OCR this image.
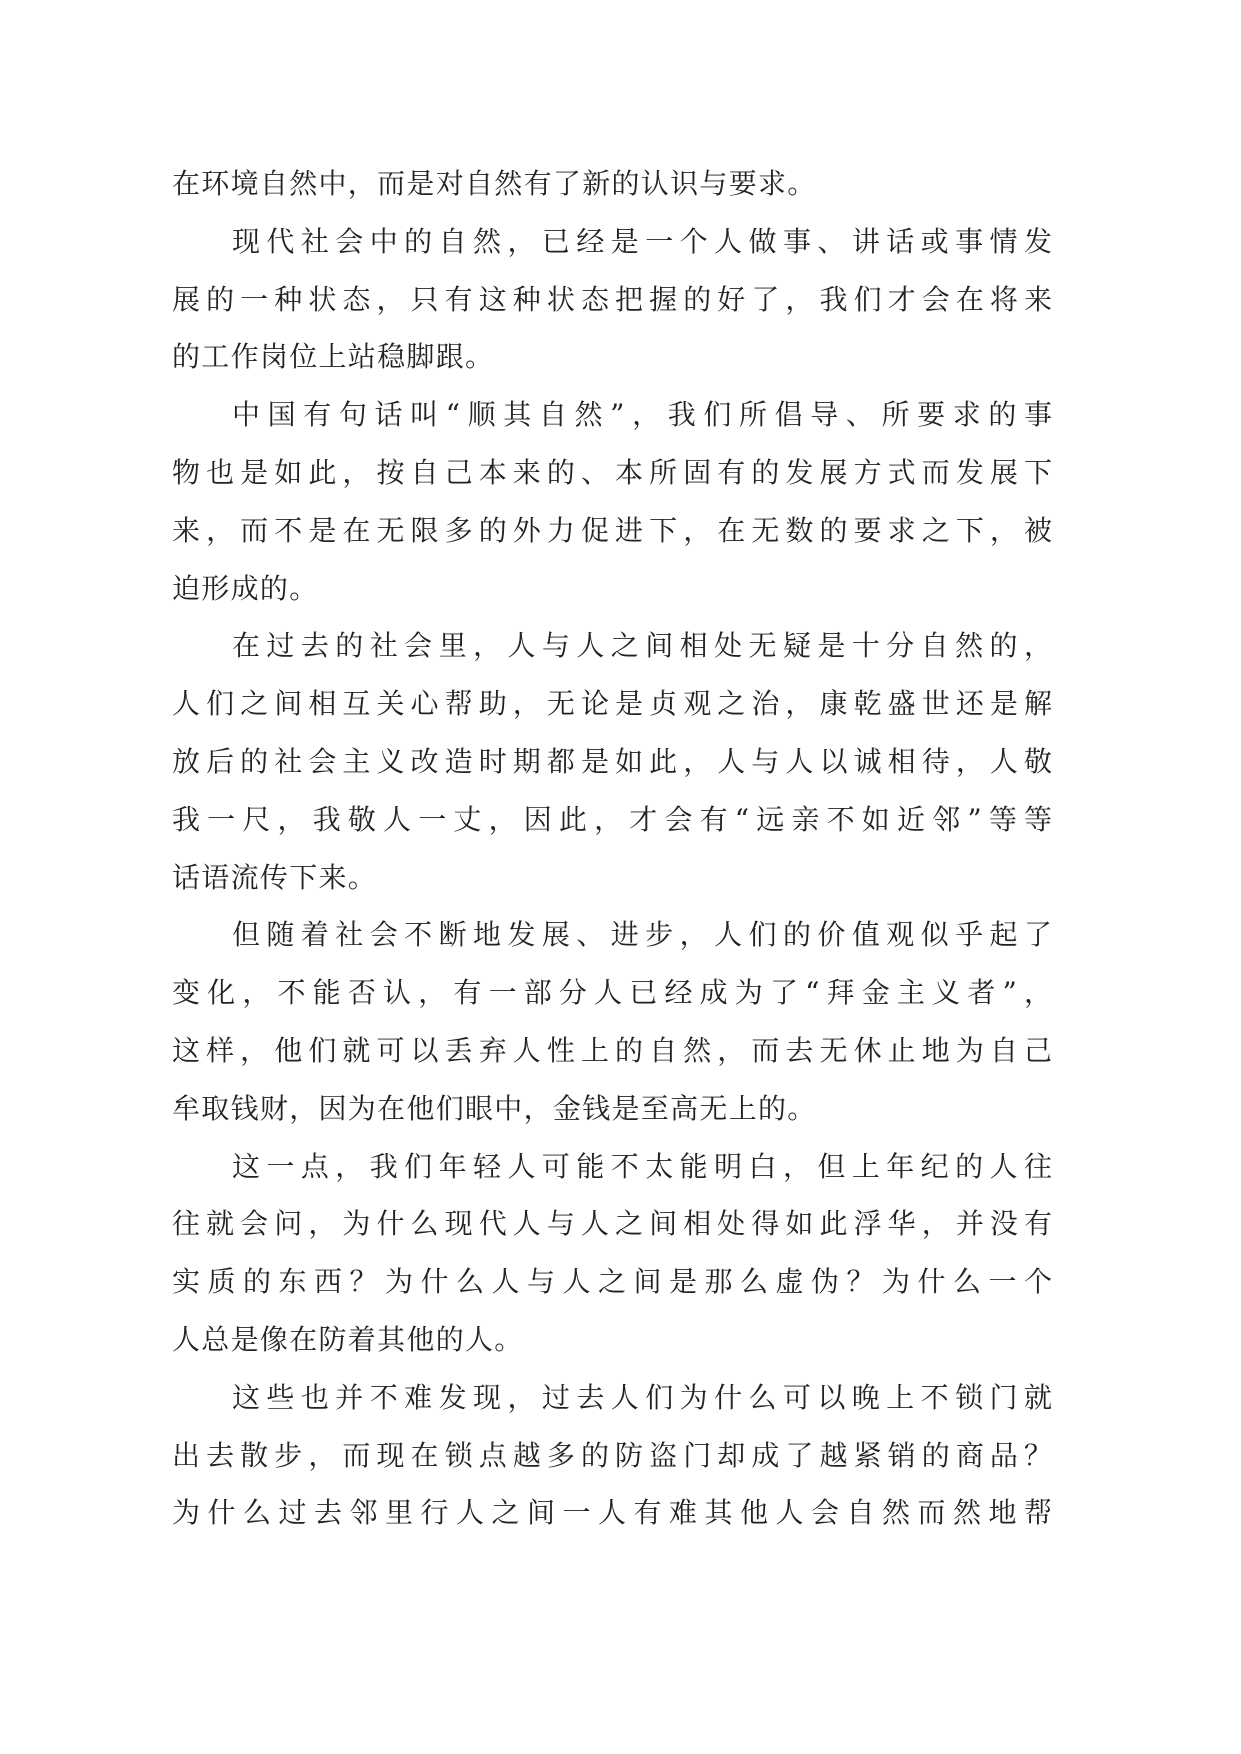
在环境自然中，而是对自然有了新的认识与要求。
现代社会中的自然，已经是一个人做事、讲话或事情发
展的一种状态，只有这种状态把握的好了，我们才会在将来
的工作岗位上站稳脚跟。
中国有句话叫“顺其自然”，我们所倡导、所要求的事
物也是如此，按自己本来的、本所固有的发展方式而发展下
来，而不是在无限多的外力促进下，在无数的要求之下，被
迫形成的。
在过去的社会里，人与人之间相处无疑是十分自然的，
人们之间相互关心帮助，无论是贞观之治，康乾盛世还是解
放后的社会主义改造时期都是如此，人与人以诚相待，人敬
我一尺，我敬人一丈，因此，才会有“远亲不如近邻”等等
话语流传下来。
但随着社会不断地发展、进步，人们的价值观似乎起了
变化，不能否认，有一部分人已经成为了“拜金主义者”，
这样，他们就可以丢弃人性上的自然，而去无休止地为自己
牟取钱财，因为在他们眼中，金钱是至高无上的。
这一点，我们年轻人可能不太能明白，但上年纪的人往
往就会问，为什么现代人与人之间相处得如此浮华，并没有
实质的东西？为什么人与人之间是那么虚伪？为什么一个
人总是像在防着其他的人。
这些也并不难发现，过去人们为什么可以晚上不锁门就
出去散步，而现在锁点越多的防盗门却成了越紧销的商品？
为什么过去邻里行人之间一人有难其他人会自然而然地帮
